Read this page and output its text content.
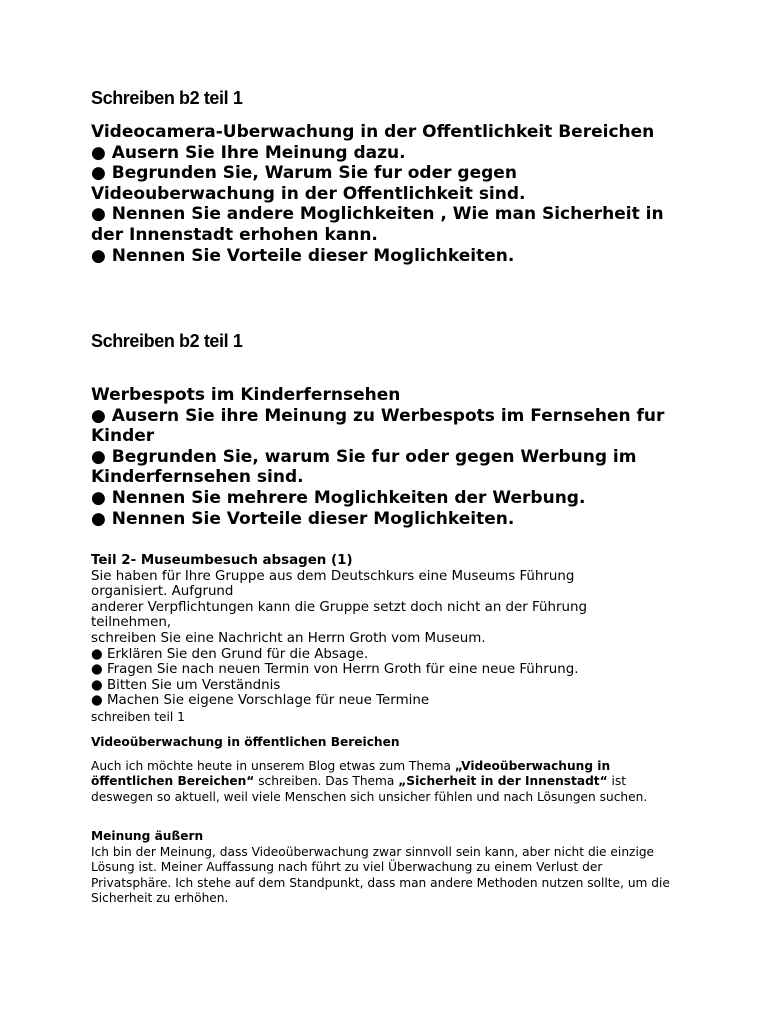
Schreiben b2 teil 1

Videocamera-Uberwachung in der Offentlichkeit Bereichen

● Ausern Sie Ihre Meinung dazu.

● Begrunden Sie, Warum Sie fur oder gegen Videouberwachung in der Offentlichkeit sind.

● Nennen Sie andere Moglichkeiten , Wie man Sicherheit in der Innenstadt erhohen kann.

● Nennen Sie Vorteile dieser Moglichkeiten.

Schreiben b2 teil 1

Werbespots im Kinderfernsehen

● Ausern Sie ihre Meinung zu Werbespots im Fernsehen fur Kinder

● Begrunden Sie, warum Sie fur oder gegen Werbung im Kinderfernsehen sind.

● Nennen Sie mehrere Moglichkeiten der Werbung.

● Nennen Sie Vorteile dieser Moglichkeiten.

Teil 2- Museumbesuch absagen (1)

Sie haben für Ihre Gruppe aus dem Deutschkurs eine Museums Führung organisiert. Aufgrund

anderer Verpflichtungen kann die Gruppe setzt doch nicht an der Führung teilnehmen,

schreiben Sie eine Nachricht an Herrn Groth vom Museum.

● Erklären Sie den Grund für die Absage.

● Fragen Sie nach neuen Termin von Herrn Groth für eine neue Führung.

● Bitten Sie um Verständnis

● Machen Sie eigene Vorschlage für neue Termine

schreiben teil 1
Videoüberwachung in öffentlichen Bereichen

Auch ich möchte heute in unserem Blog etwas zum Thema „Videoüberwachung in öffentlichen Bereichen“ schreiben. Das Thema „Sicherheit in der Innenstadt“ ist deswegen so aktuell, weil viele Menschen sich unsicher fühlen und nach Lösungen suchen.

Meinung äußern
Ich bin der Meinung, dass Videoüberwachung zwar sinnvoll sein kann, aber nicht die einzige Lösung ist. Meiner Auffassung nach führt zu viel Überwachung zu einem Verlust der Privatsphäre. Ich stehe auf dem Standpunkt, dass man andere Methoden nutzen sollte, um die Sicherheit zu erhöhen.
